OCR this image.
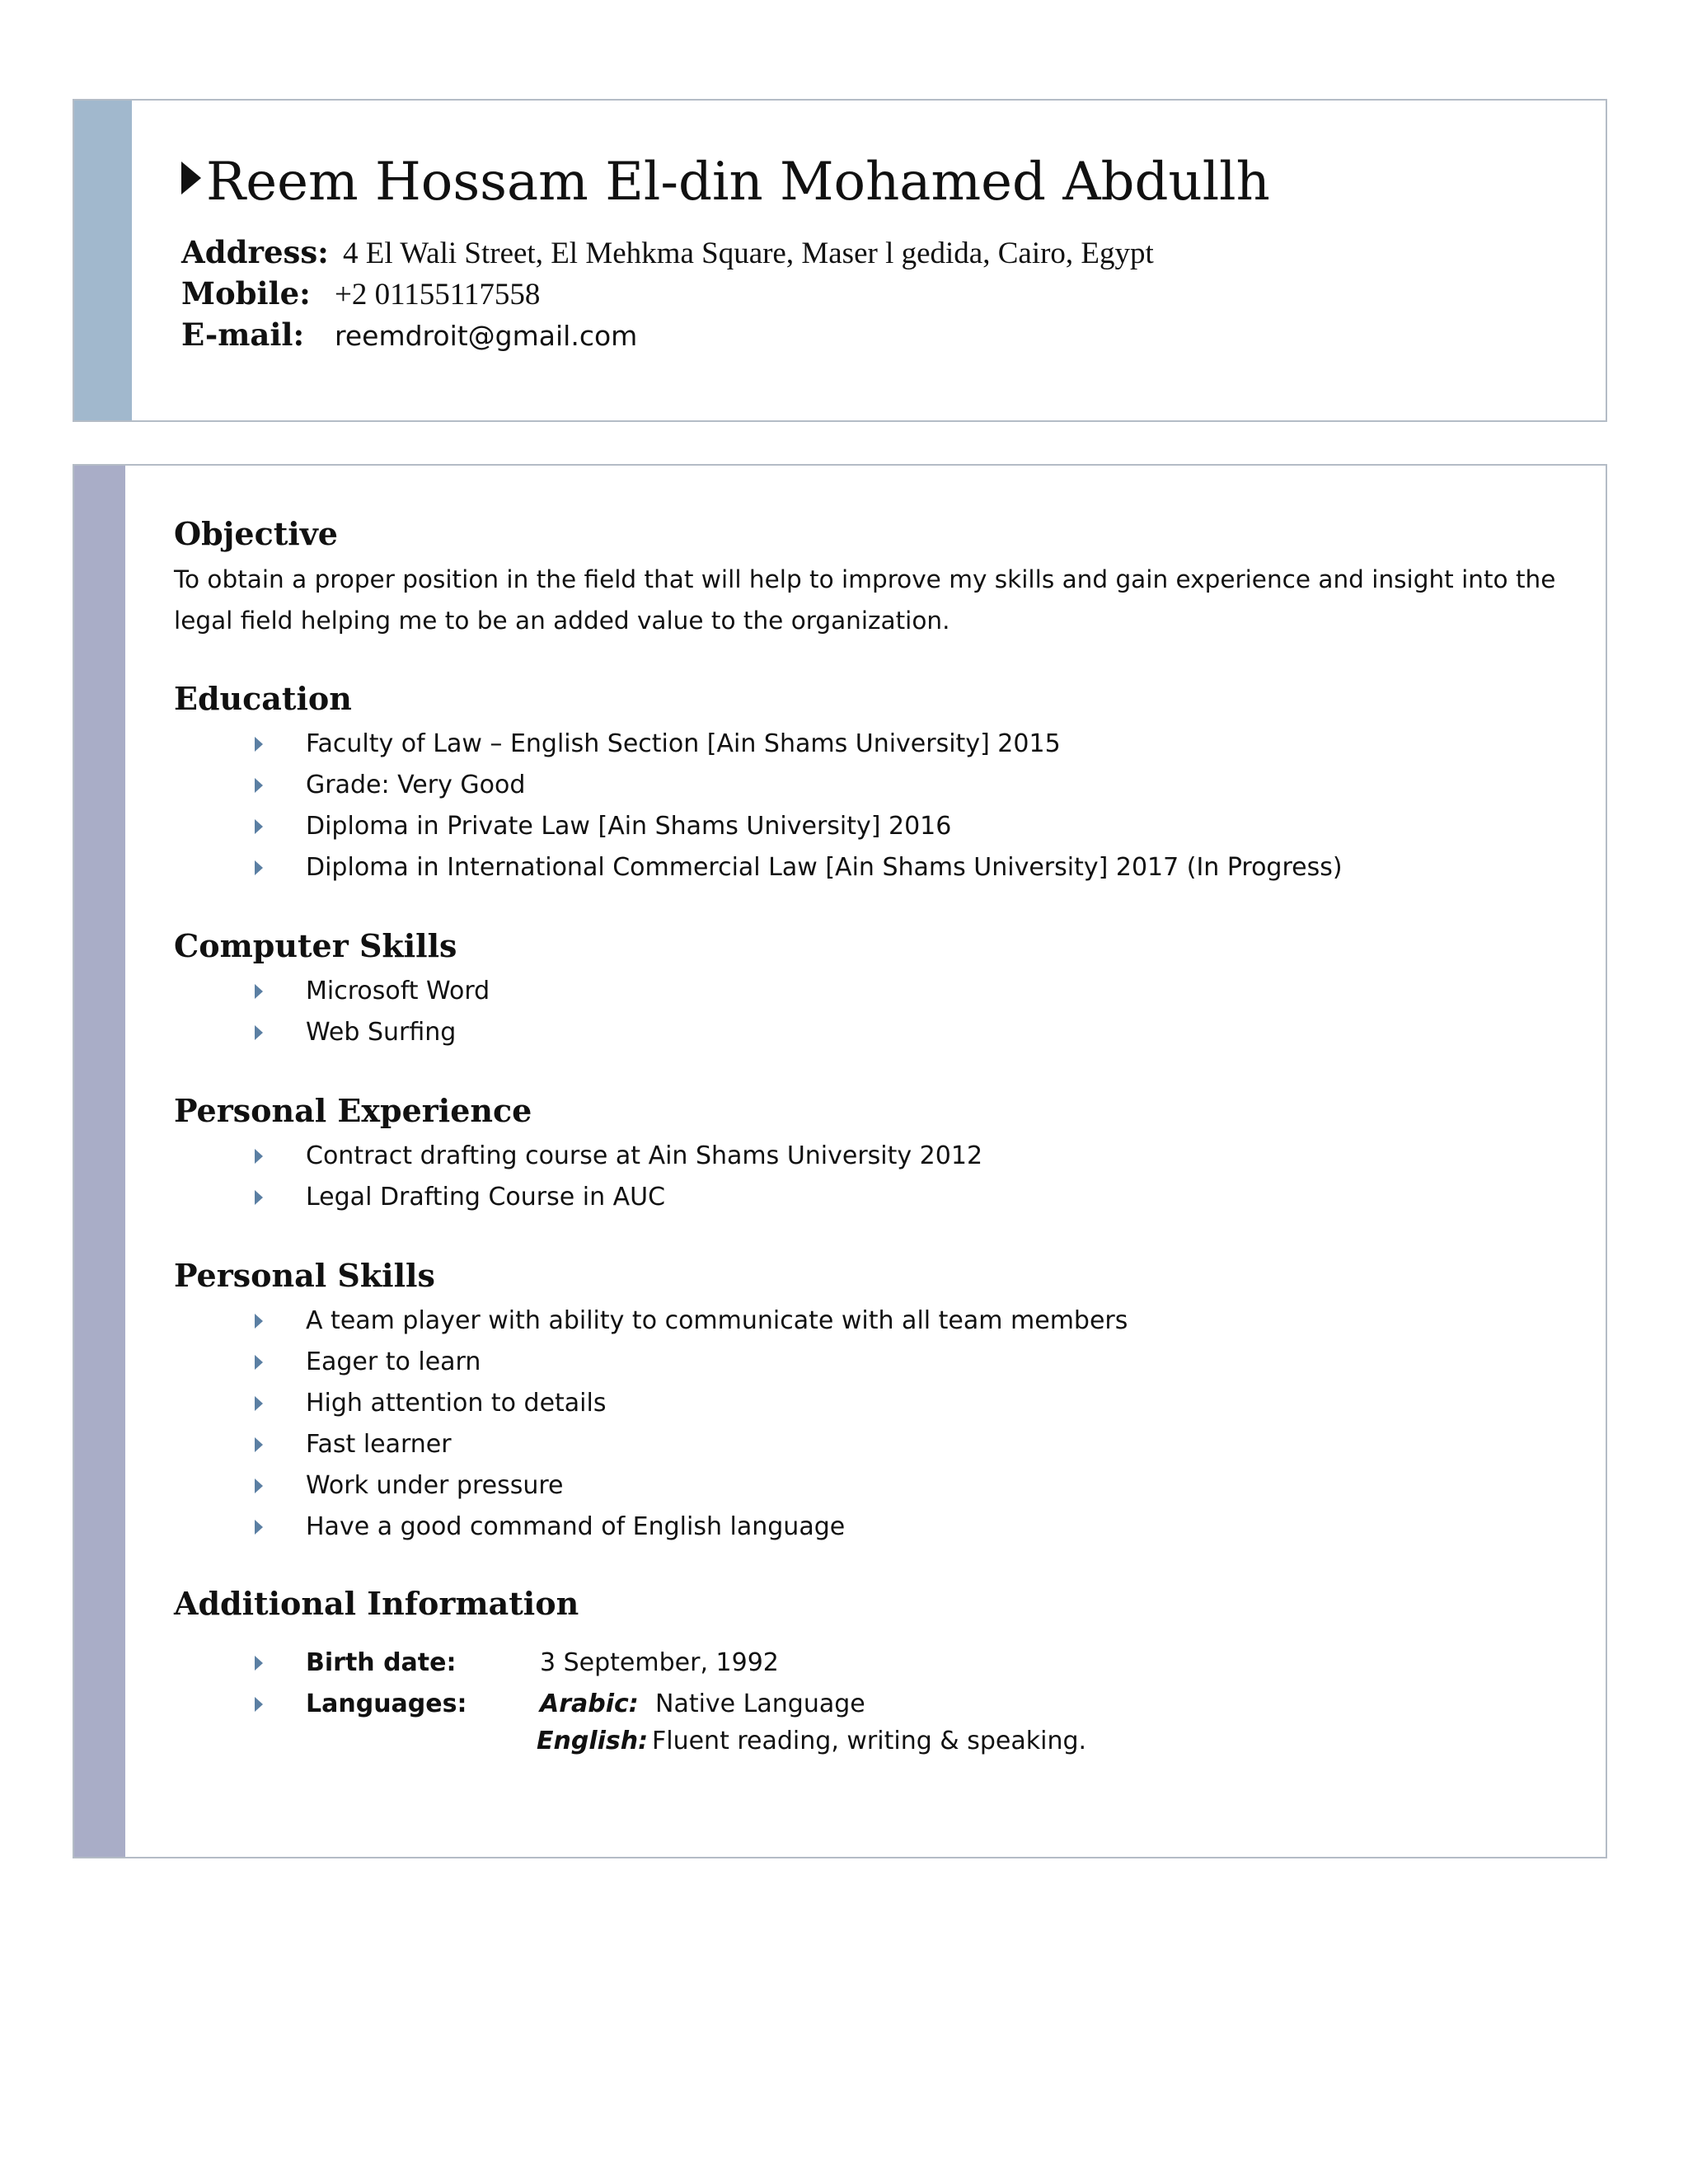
Reem Hossam El-din Mohamed Abdullh
Address: 4 El Wali Street, El Mehkma Square, Maser l gedida, Cairo, Egypt
Mobile: +2 01155117558
E-mail: reemdroit@gmail.com
Objective
To obtain a proper position in the field that will help to improve my skills and gain experience and insight into the legal field helping me to be an added value to the organization.
Education
Faculty of Law – English Section [Ain Shams University] 2015
Grade: Very Good
Diploma in Private Law [Ain Shams University] 2016
Diploma in International Commercial Law [Ain Shams University] 2017 (In Progress)
Computer Skills
Microsoft Word
Web Surfing
Personal Experience
Contract drafting course at Ain Shams University 2012
Legal Drafting Course in AUC
Personal Skills
A team player with ability to communicate with all team members
Eager to learn
High attention to details
Fast learner
Work under pressure
Have a good command of English language
Additional Information
Birth date:	3 September, 1992
Languages:	Arabic: Native Language
English: Fluent reading, writing & speaking.
